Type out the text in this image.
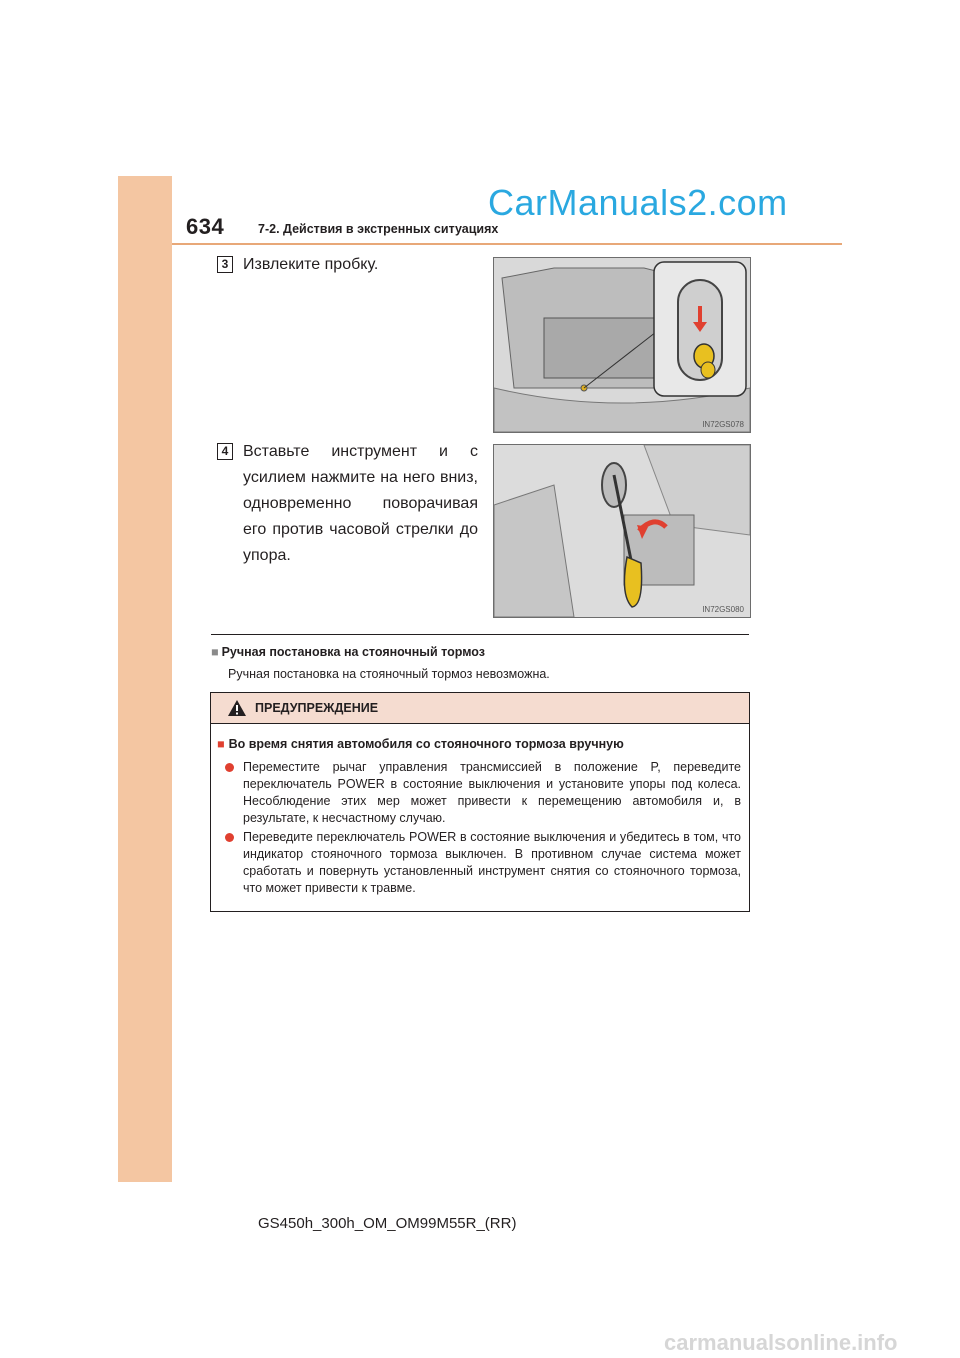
634	7-2. Действия в экстренных ситуациях
CarManuals2.com
3 Извлеките пробку.
IN72GS078
4 Вставьте инструмент и с усилием нажмите на него вниз, одновременно поворачивая его против часовой стрелки до упора.
IN72GS080
■ Ручная постановка на стояночный тормоз
Ручная постановка на стояночный тормоз невозможна.
ПРЕДУПРЕЖДЕНИЕ
■ Во время снятия автомобиля со стояночного тормоза вручную
Переместите рычаг управления трансмиссией в положение P, переведите переключатель POWER в состояние выключения и установите упоры под колеса. Несоблюдение этих мер может привести к перемещению автомобиля и, в результате, к несчастному случаю.
Переведите переключатель POWER в состояние выключения и убедитесь в том, что индикатор стояночного тормоза выключен. В противном случае система может сработать и повернуть установленный инструмент снятия со стояночного тормоза, что может привести к травме.
GS450h_300h_OM_OM99M55R_(RR)
carmanualsonline.info
